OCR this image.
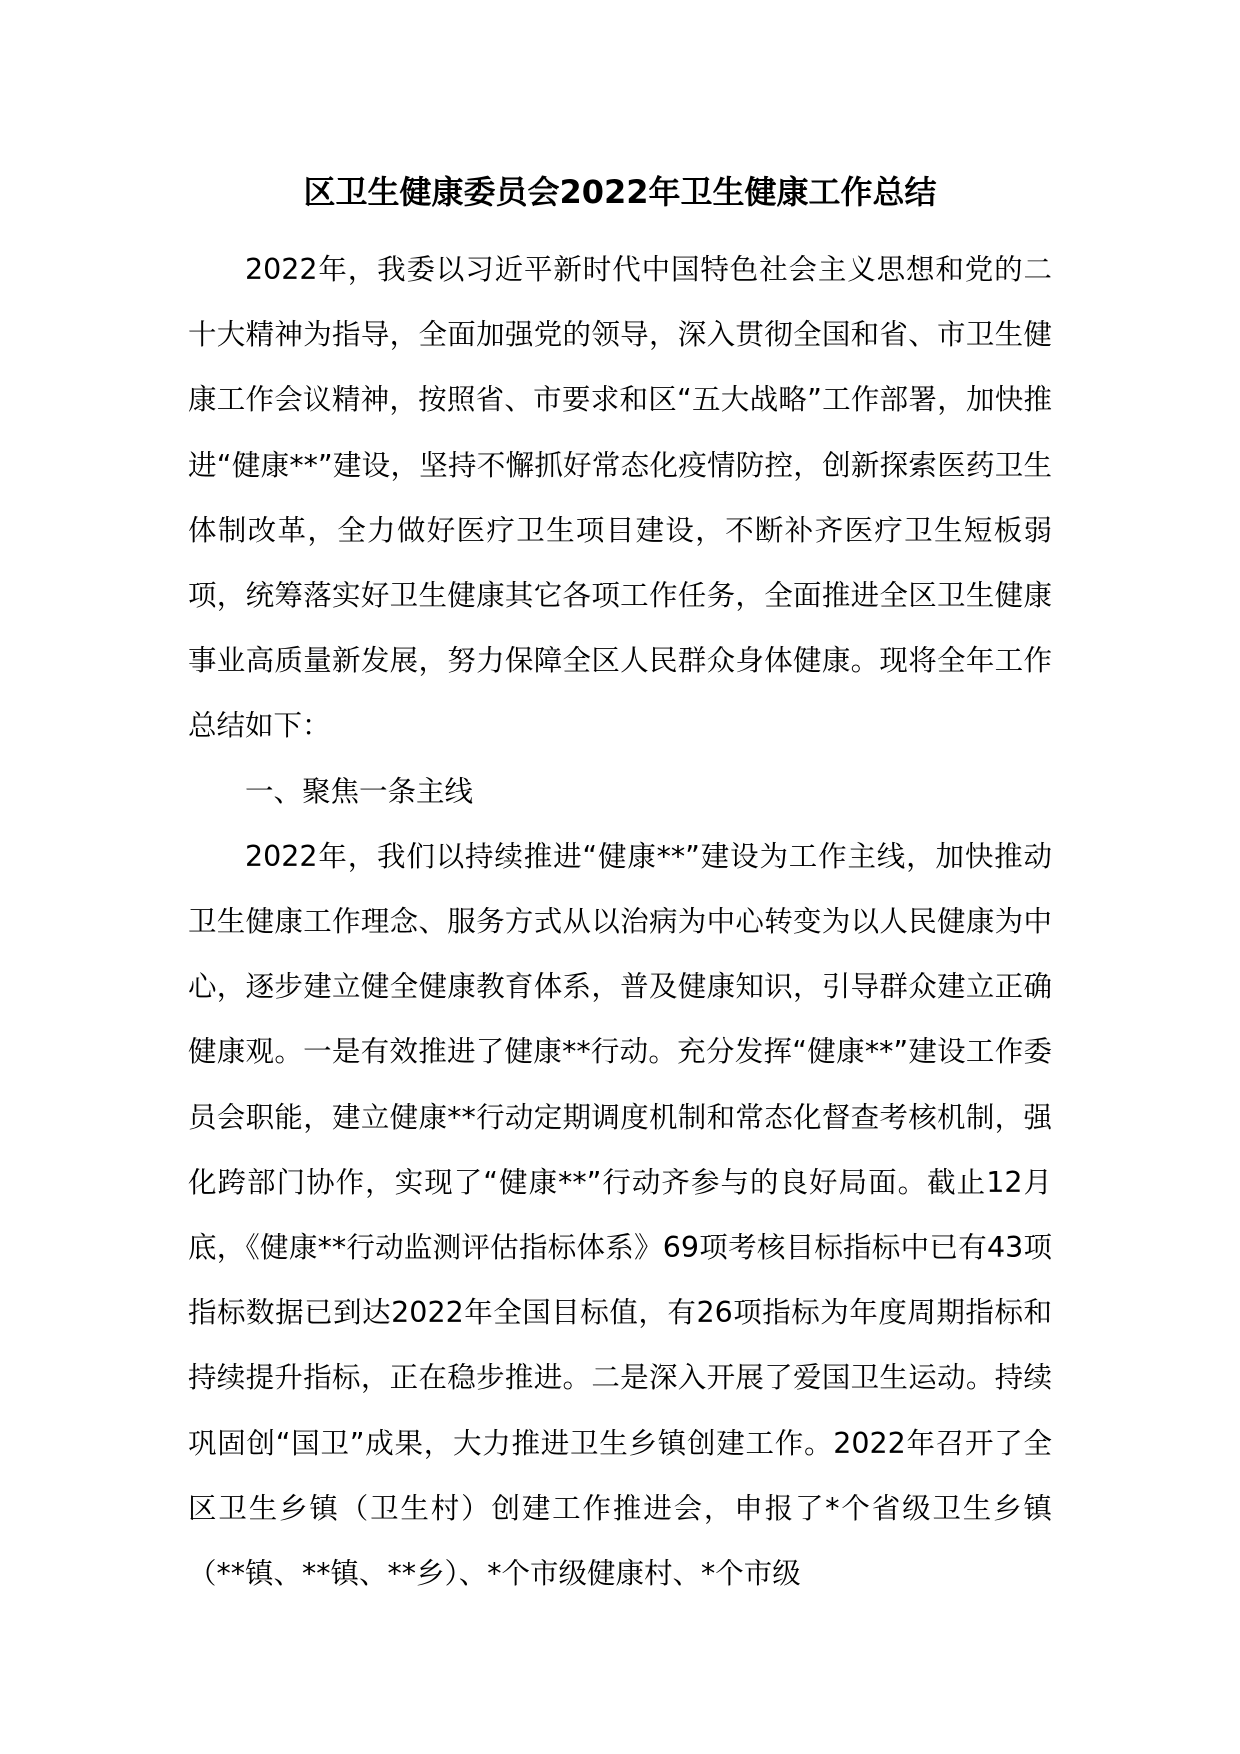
区卫生健康委员会2022年卫生健康工作总结

2022年，我委以习近平新时代中国特色社会主义思想和党的二十大精神为指导，全面加强党的领导，深入贯彻全国和省、市卫生健康工作会议精神，按照省、市要求和区“五大战略”工作部署，加快推进“健康**”建设，坚持不懈抓好常态化疫情防控，创新探索医药卫生体制改革，全力做好医疗卫生项目建设，不断补齐医疗卫生短板弱项，统筹落实好卫生健康其它各项工作任务，全面推进全区卫生健康事业高质量新发展，努力保障全区人民群众身体健康。现将全年工作总结如下：

一、聚焦一条主线

2022年，我们以持续推进“健康**”建设为工作主线，加快推动卫生健康工作理念、服务方式从以治病为中心转变为以人民健康为中心，逐步建立健全健康教育体系，普及健康知识，引导群众建立正确健康观。一是有效推进了健康**行动。充分发挥“健康**”建设工作委员会职能，建立健康**行动定期调度机制和常态化督查考核机制，强化跨部门协作，实现了“健康**”行动齐参与的良好局面。截止12月底，《健康**行动监测评估指标体系》69项考核目标指标中已有43项指标数据已到达2022年全国目标值，有26项指标为年度周期指标和持续提升指标，正在稳步推进。二是深入开展了爱国卫生运动。持续巩固创“国卫”成果，大力推进卫生乡镇创建工作。2022年召开了全区卫生乡镇（卫生村）创建工作推进会，申报了*个省级卫生乡镇（**镇、**镇、**乡）、*个市级健康村、*个市级
